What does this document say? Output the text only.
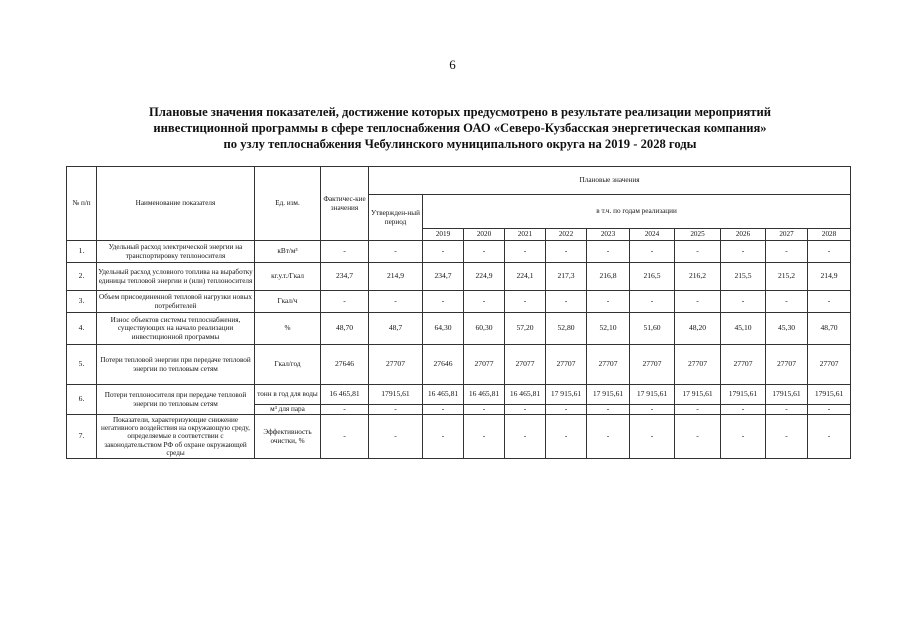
6
Плановые значения показателей, достижение которых предусмотрено в результате реализации мероприятий
инвестиционной программы в сфере теплоснабжения ОАО «Северо-Кузбасская энергетическая компания»
по узлу теплоснабжения Чебулинского муниципального округа на 2019 - 2028 годы
№ п/п	Наименование показателя	Ед. изм.	Фактичес-кие значения	Плановые значения										
				Утвержден-ный период	в т.ч. по годам реализации									
					2019	2020	2021	2022	2023	2024	2025	2026	2027	2028
1.	Удельный расход электрической энергии на транспортировку теплоносителя	кВт/м³	-	-	-	-	-	-	-	-	-	-	-	-
2.	Удельный расход условного топлива на выработку единицы тепловой энергии и (или) теплоносителя	кг.у.т./Гкал	234,7	214,9	234,7	224,9	224,1	217,3	216,8	216,5	216,2	215,5	215,2	214,9
3.	Объем присоединенной тепловой нагрузки новых потребителей	Гкал/ч	-	-	-	-	-	-	-	-	-	-	-	-
4.	Износ объектов системы теплоснабжения, существующих на начало реализации инвестиционной программы	%	48,70	48,7	64,30	60,30	57,20	52,80	52,10	51,60	48,20	45,10	45,30	48,70
5.	Потери тепловой энергии при передаче тепловой энергии по тепловым сетям	Гкал/год	27646	27707	27646	27077	27077	27707	27707	27707	27707	27707	27707	27707
6.	Потери теплоносителя при передаче тепловой энергии по тепловым сетям	тонн в год для воды	16 465,81	17915,61	16 465,81	16 465,81	16 465,81	17 915,61	17 915,61	17 915,61	17 915,61	17915,61	17915,61	17915,61
		м³ для пара	-	-	-	-	-	-	-	-	-	-	-	-
7.	Показатели, характеризующие снижение негативного воздействия на окружающую среду, определяемые в соответствии с законодательством РФ об охране окружающей среды	Эффективность очистки, %	-	-	-	-	-	-	-	-	-	-	-	-
